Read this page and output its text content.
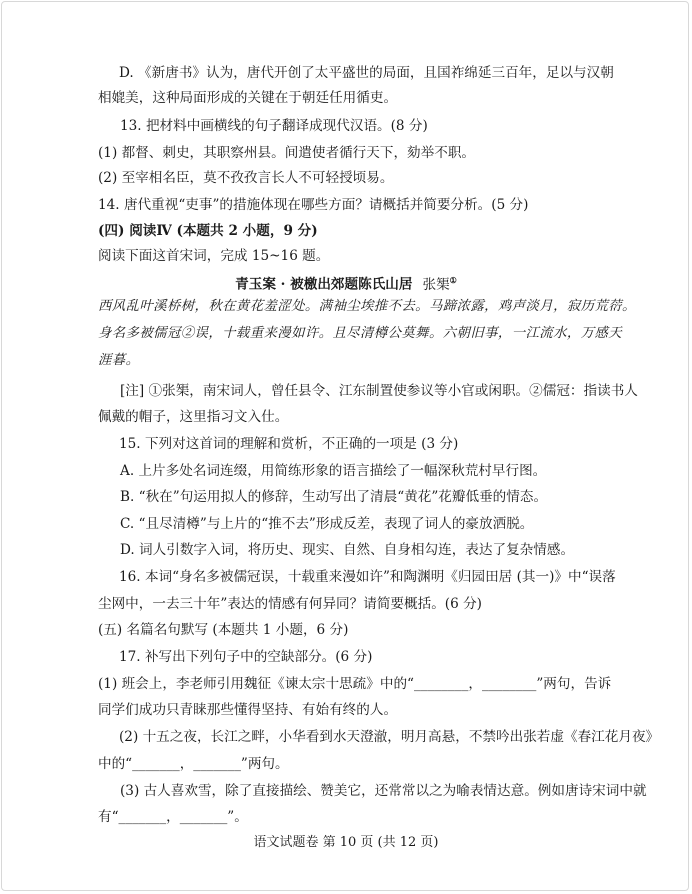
D. 《新唐书》认为，唐代开创了太平盛世的局面，且国祚绵延三百年，足以与汉朝
相媲美，这种局面形成的关键在于朝廷任用循吏。
13. 把材料中画横线的句子翻译成现代汉语。(8 分)
(1) 都督、刺史，其职察州县。间遣使者循行天下，劾举不职。
(2) 至宰相名臣，莫不孜孜言长人不可轻授顷易。
14. 唐代重视“吏事”的措施体现在哪些方面？请概括并简要分析。(5 分)
(四) 阅读Ⅳ (本题共 2 小题，9 分)
阅读下面这首宋词，完成 15~16 题。
青玉案 · 被檄出郊题陈氏山居 张榘①
西风乱叶溪桥树，秋在黄花羞涩处。满袖尘埃推不去。马蹄浓露，鸡声淡月，寂历荒葕。
身名多被儒冠②误，十载重来漫如许。且尽清樽公莫舞。六朝旧事，一江流水，万感天
涯暮。
[注] ①张榘，南宋词人，曾任县令、江东制置使参议等小官或闲职。②儒冠：指读书人
佩戴的帽子，这里指习文入仕。
15. 下列对这首词的理解和赏析，不正确的一项是 (3 分)
A. 上片多处名词连缀，用简练形象的语言描绘了一幅深秋荒村早行图。
B. “秋在”句运用拟人的修辞，生动写出了清晨“黄花”花瓣低垂的情态。
C. “且尽清樽”与上片的“推不去”形成反差，表现了词人的豪放洒脱。
D. 词人引数字入词，将历史、现实、自然、自身相勾连，表达了复杂情感。
16. 本词“身名多被儒冠误，十载重来漫如许”和陶渊明《归园田居 (其一)》中“误落
尘网中，一去三十年”表达的情感有何异同？请简要概括。(6 分)
(五) 名篇名句默写 (本题共 1 小题，6 分)
17. 补写出下列句子中的空缺部分。(6 分)
(1) 班会上，李老师引用魏征《谏太宗十思疏》中的“________，________”两句，告诉
同学们成功只青睐那些懂得坚持、有始有终的人。
(2) 十五之夜，长江之畔，小华看到水天澄澈，明月高悬，不禁吟出张若虚《春江花月夜》
中的“_______，_______”两句。
(3) 古人喜欢雪，除了直接描绘、赞美它，还常常以之为喻表情达意。例如唐诗宋词中就
有“_______，_______”。
语文试题卷 第 10 页 (共 12 页)
